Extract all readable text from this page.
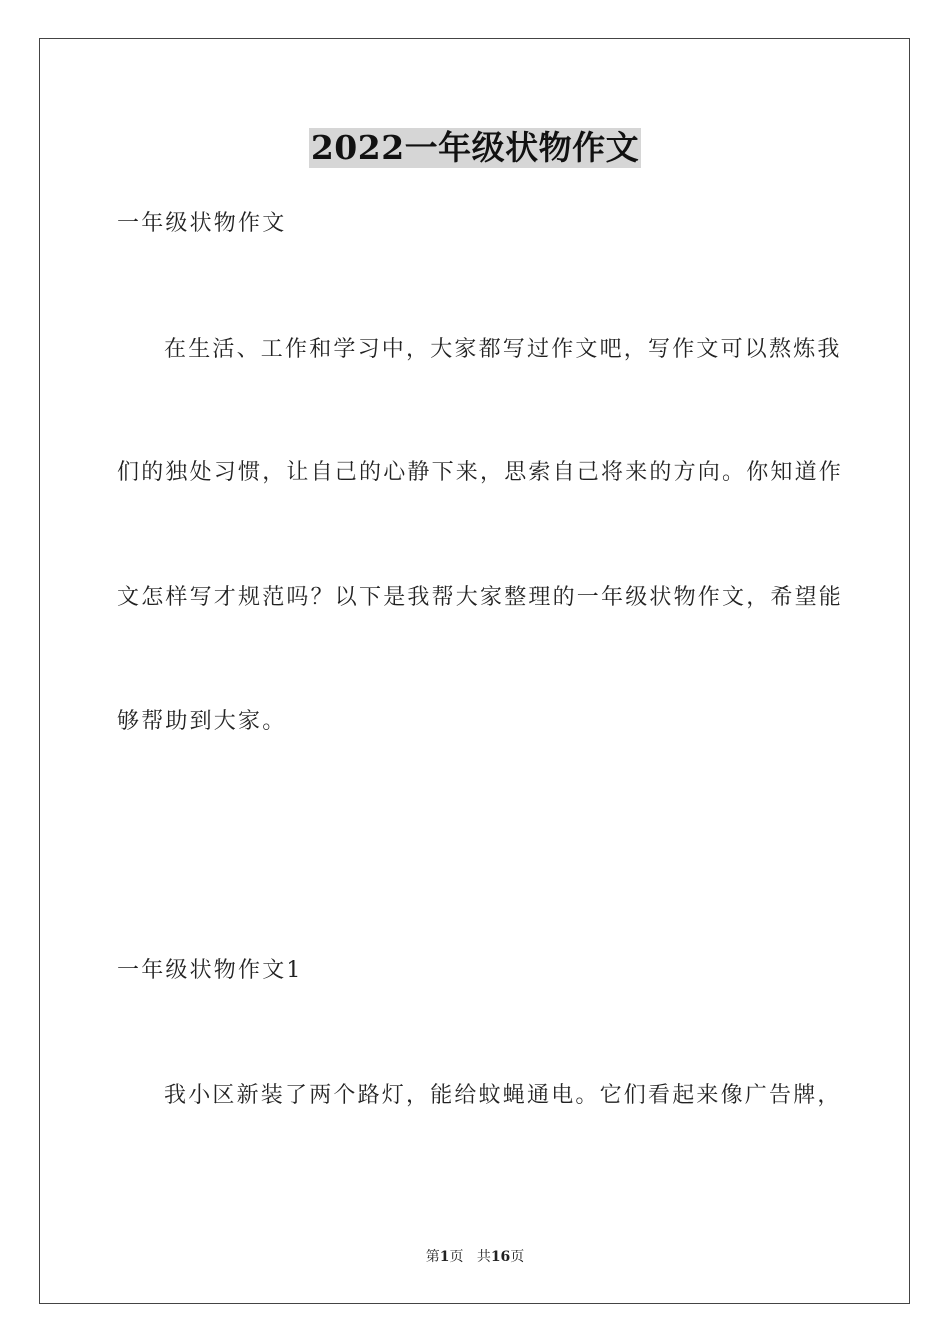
2022一年级状物作文
一年级状物作文
在生活、工作和学习中，大家都写过作文吧，写作文可以熬炼我
们的独处习惯，让自己的心静下来，思索自己将来的方向。你知道作
文怎样写才规范吗？以下是我帮大家整理的一年级状物作文，希望能
够帮助到大家。
一年级状物作文1
我小区新装了两个路灯，能给蚊蝇通电。它们看起来像广告牌，
第1页 共16页
